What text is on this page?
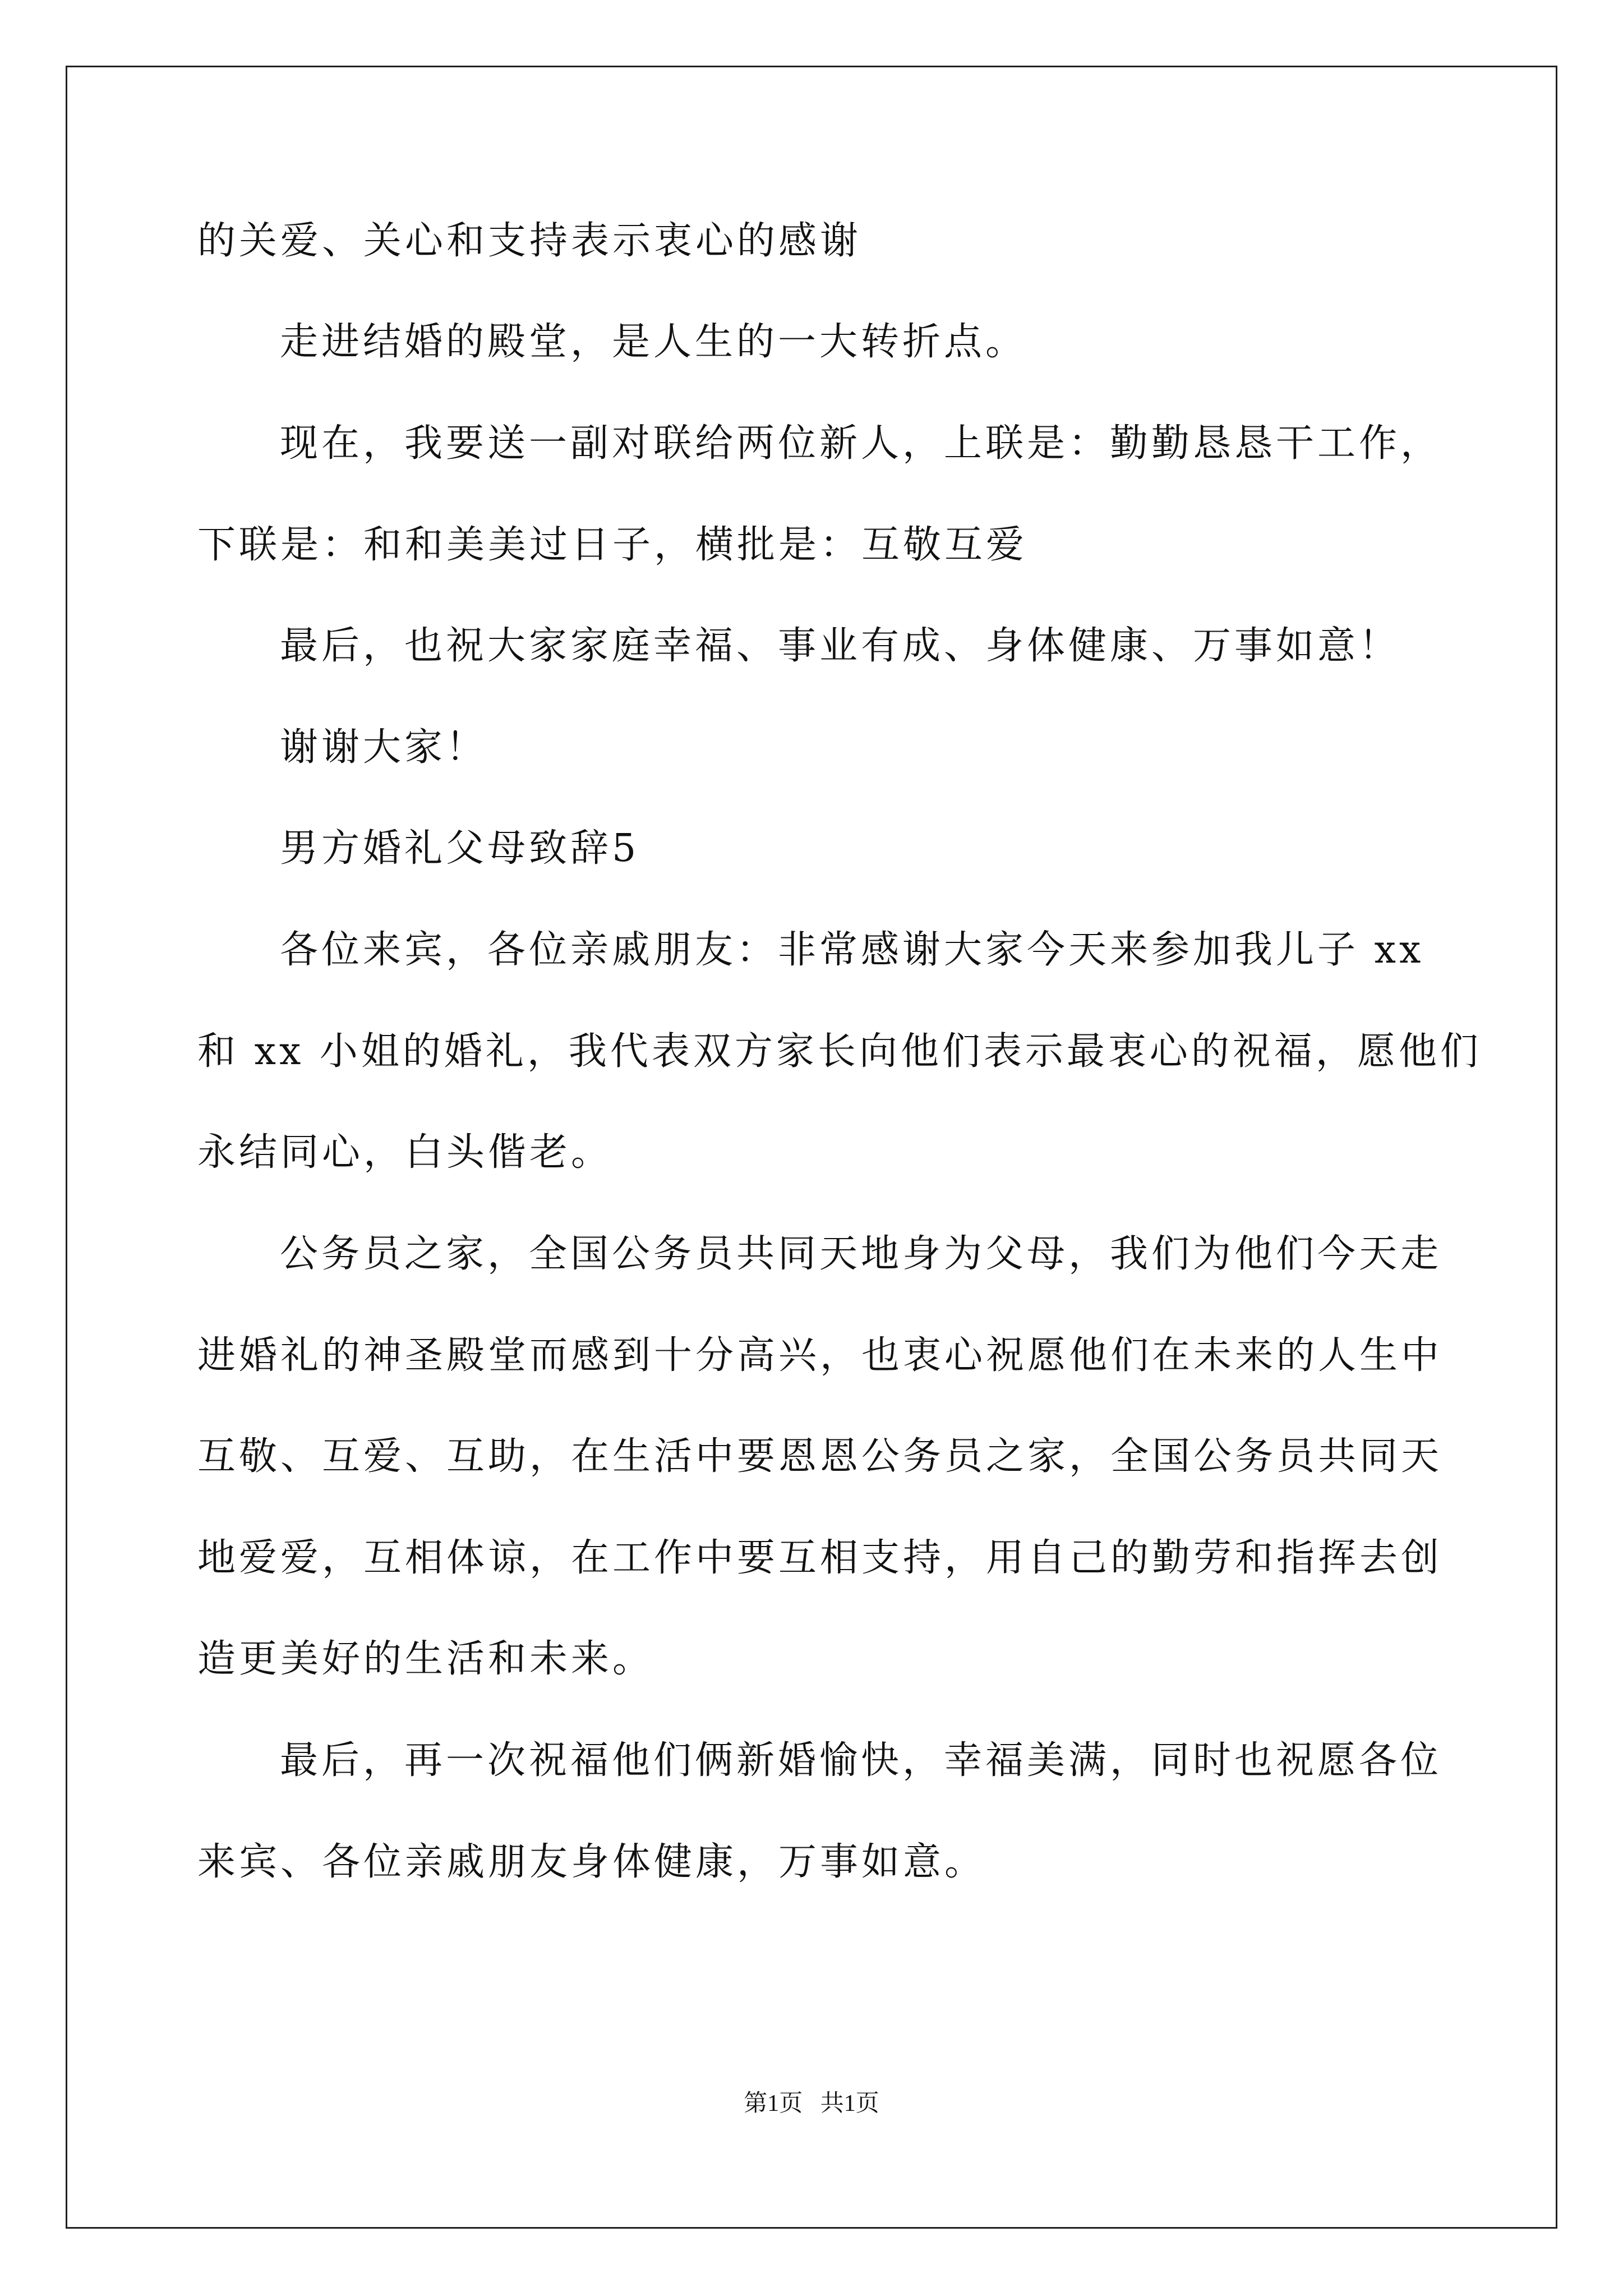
的关爱、关心和支持表示衷心的感谢
走进结婚的殿堂，是人生的一大转折点。
现在，我要送一副对联给两位新人，上联是：勤勤恳恳干工作，
下联是：和和美美过日子，横批是：互敬互爱
最后，也祝大家家庭幸福、事业有成、身体健康、万事如意！
谢谢大家！
男方婚礼父母致辞5
各位来宾，各位亲戚朋友：非常感谢大家今天来参加我儿子 xx
和 xx 小姐的婚礼，我代表双方家长向他们表示最衷心的祝福，愿他们
永结同心，白头偕老。
公务员之家，全国公务员共同天地身为父母，我们为他们今天走
进婚礼的神圣殿堂而感到十分高兴，也衷心祝愿他们在未来的人生中
互敬、互爱、互助，在生活中要恩恩公务员之家，全国公务员共同天
地爱爱，互相体谅，在工作中要互相支持，用自己的勤劳和指挥去创
造更美好的生活和未来。
最后，再一次祝福他们俩新婚愉快，幸福美满，同时也祝愿各位
来宾、各位亲戚朋友身体健康，万事如意。
第1页   共1页
